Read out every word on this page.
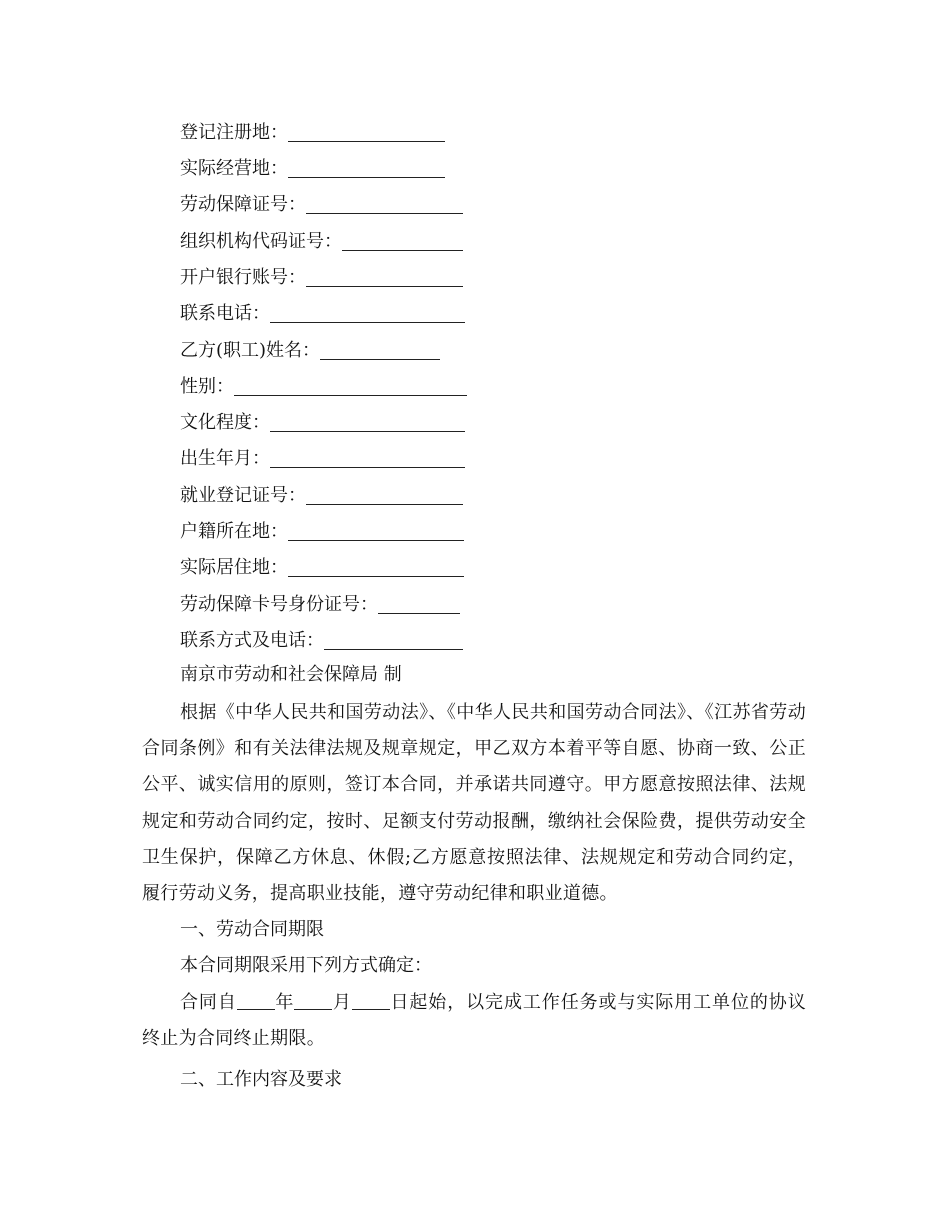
登记注册地：
实际经营地：
劳动保障证号：
组织机构代码证号：
开户银行账号：
联系电话：
乙方(职工)姓名：
性别：
文化程度：
出生年月：
就业登记证号：
户籍所在地：
实际居住地：
劳动保障卡号身份证号：
联系方式及电话：
南京市劳动和社会保障局 制
根据《中华人民共和国劳动法》、《中华人民共和国劳动合同法》、《江苏省劳动合同条例》和有关法律法规及规章规定，甲乙双方本着平等自愿、协商一致、公正公平、诚实信用的原则，签订本合同，并承诺共同遵守。甲方愿意按照法律、法规规定和劳动合同约定，按时、足额支付劳动报酬，缴纳社会保险费，提供劳动安全卫生保护，保障乙方休息、休假;乙方愿意按照法律、法规规定和劳动合同约定，履行劳动义务，提高职业技能，遵守劳动纪律和职业道德。
一、劳动合同期限
本合同期限采用下列方式确定：
合同自 年 月 日起始，以完成工作任务或与实际用工单位的协议终止为合同终止期限。
二、工作内容及要求
